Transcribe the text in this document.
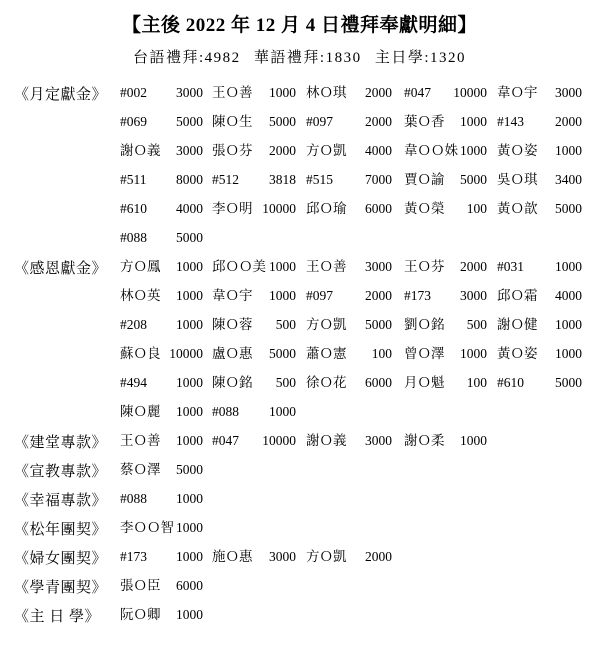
【主後 2022 年 12 月 4 日禮拜奉獻明細】
台語禮拜:4982 華語禮拜:1830 主日學:1320
《月定獻金》 #002	3000 王Ｏ善	1000 林Ｏ琪	2000 #047	10000 韋Ｏ宇	3000
#069	5000 陳Ｏ生	5000 #097	2000 葉Ｏ香	1000 #143	2000
謝Ｏ義	3000 張Ｏ芬	2000 方Ｏ凱	4000 韋ＯＯ姝 1000 黃Ｏ姿	1000
#511	8000 #512	3818 #515	7000 賈Ｏ諭	5000 吳Ｏ琪	3400
#610	4000 李Ｏ明 10000 邱Ｏ瑜	6000 黃Ｏ榮	100 黃Ｏ歆	5000
#088	5000
《感恩獻金》 方Ｏ鳳	1000 邱ＯＯ美 1000 王Ｏ善	3000 王Ｏ芬	2000 #031	1000
林Ｏ英	1000 韋Ｏ宇	1000 #097	2000 #173	3000 邱Ｏ霜	4000
#208	1000 陳Ｏ蓉	500 方Ｏ凱	5000 劉Ｏ銘	500 謝Ｏ健	1000
蘇Ｏ良 10000 盧Ｏ惠	5000 蕭Ｏ憲	100 曾Ｏ澤	1000 黃Ｏ姿	1000
#494	1000 陳Ｏ銘	500 徐Ｏ花	6000 月Ｏ魁	100 #610	5000
陳Ｏ麗	1000 #088	1000
《建堂專款》 王Ｏ善	1000 #047	10000 謝Ｏ義	3000 謝Ｏ柔	1000
《宣教專款》 蔡Ｏ澤	5000
《幸福專款》 #088	1000
《松年團契》 李ＯＯ智 1000
《婦女團契》 #173	1000 施Ｏ惠	3000 方Ｏ凱	2000
《學青團契》 張Ｏ臣	6000
《主 日 學》 阮Ｏ卿	1000
